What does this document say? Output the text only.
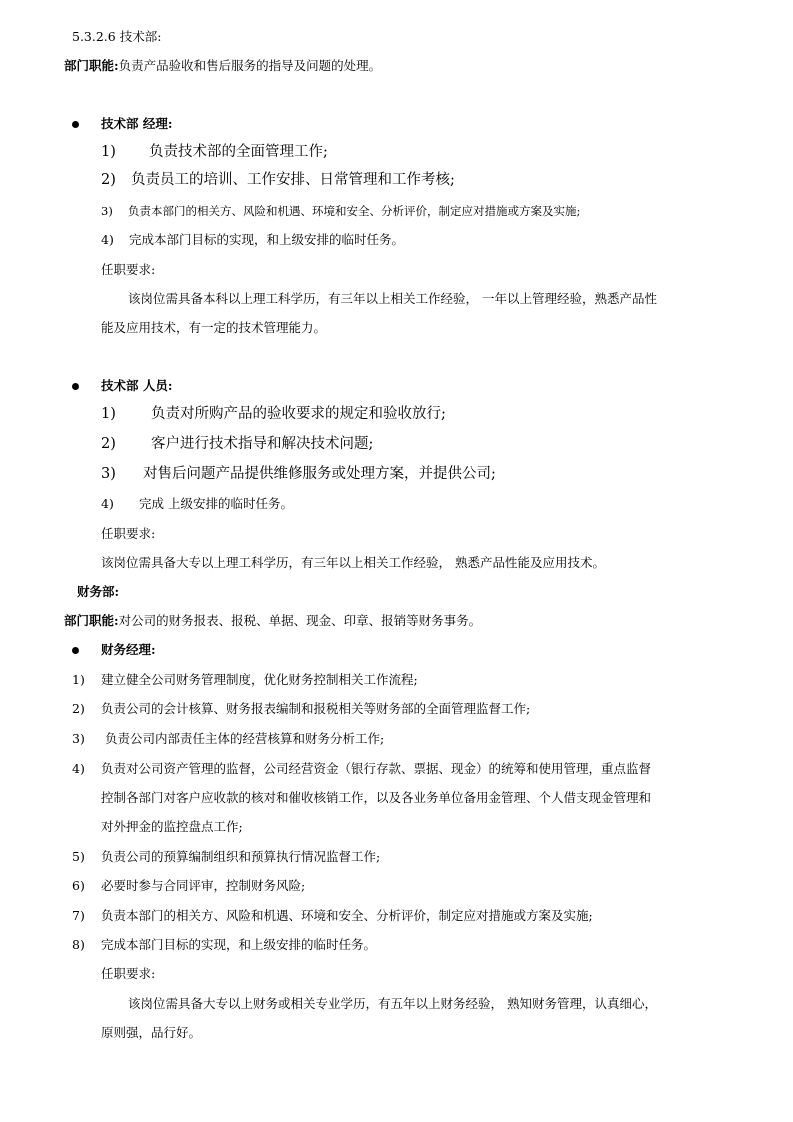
5.3.2.6 技术部:
部门职能:负责产品验收和售后服务的指导及问题的处理。
技术部 经理:
1) 负责技术部的全面管理工作;
2) 负责员工的培训、工作安排、日常管理和工作考核;
3) 负责本部门的相关方、风险和机遇、环境和安全、分析评价，制定应对措施或方案及实施;
4) 完成本部门目标的实现，和上级安排的临时任务。
任职要求:
该岗位需具备本科以上理工科学历，有三年以上相关工作经验， 一年以上管理经验，熟悉产品性
能及应用技术，有一定的技术管理能力。
技术部 人员:
1) 负责对所购产品的验收要求的规定和验收放行;
2) 客户进行技术指导和解决技术问题;
3) 对售后问题产品提供维修服务或处理方案，并提供公司;
4) 完成 上级安排的临时任务。
任职要求:
该岗位需具备大专以上理工科学历，有三年以上相关工作经验， 熟悉产品性能及应用技术。
财务部:
部门职能:对公司的财务报表、报税、单据、现金、印章、报销等财务事务。
财务经理:
1) 建立健全公司财务管理制度，优化财务控制相关工作流程;
2) 负责公司的会计核算、财务报表编制和报税相关等财务部的全面管理监督工作;
3) 负责公司内部责任主体的经营核算和财务分析工作;
4) 负责对公司资产管理的监督，公司经营资金（银行存款、票据、现金）的统筹和使用管理，重点监督
控制各部门对客户应收款的核对和催收核销工作，以及各业务单位备用金管理、个人借支现金管理和
对外押金的监控盘点工作;
5) 负责公司的预算编制组织和预算执行情况监督工作;
6) 必要时参与合同评审，控制财务风险;
7) 负责本部门的相关方、风险和机遇、环境和安全、分析评价，制定应对措施或方案及实施;
8) 完成本部门目标的实现，和上级安排的临时任务。
任职要求:
该岗位需具备大专以上财务或相关专业学历，有五年以上财务经验， 熟知财务管理，认真细心，
原则强，品行好。
